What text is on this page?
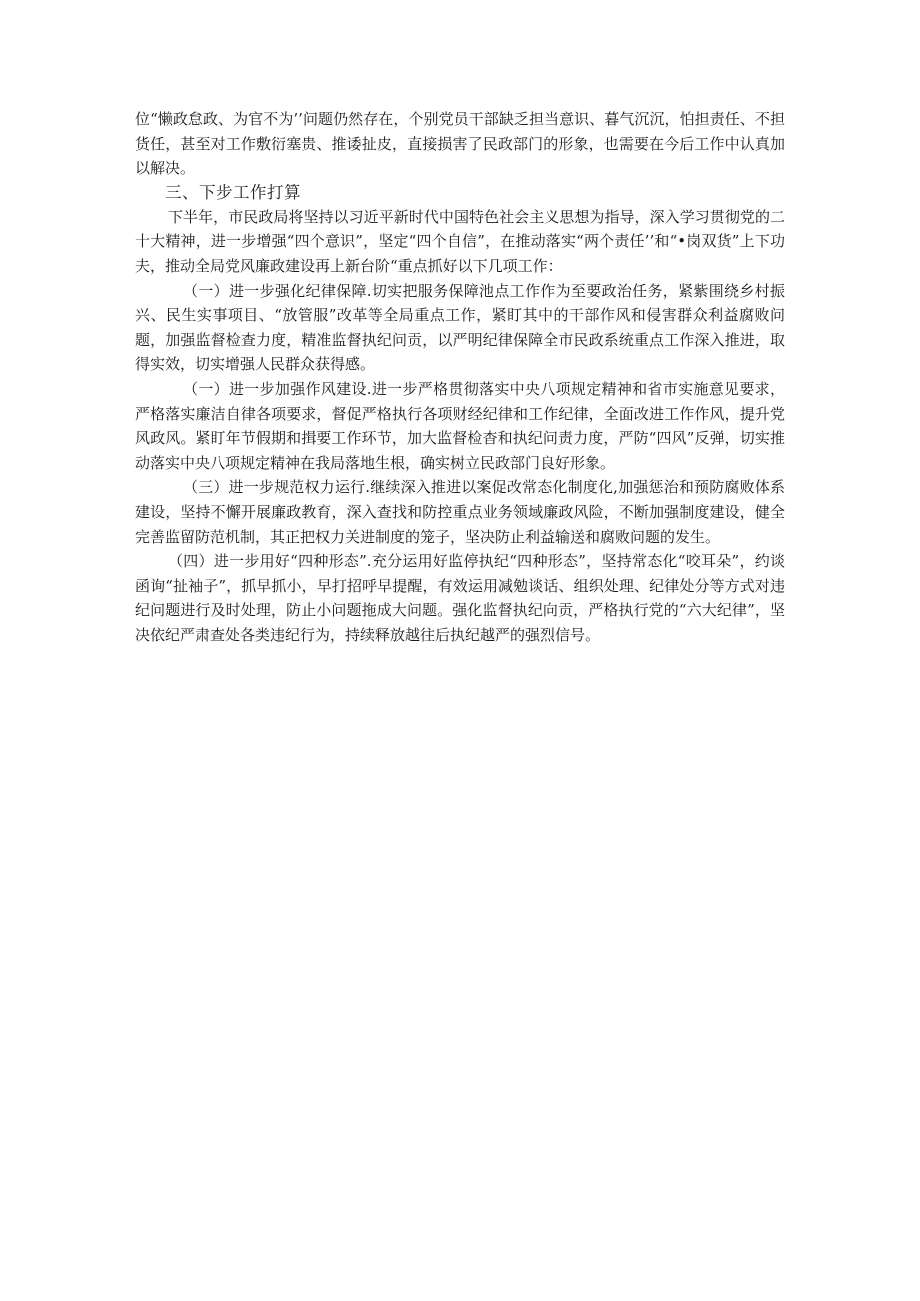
位“懒政怠政、为官不为’’问题仍然存在，个别党员干部缺乏担当意识、暮气沉沉，怕担责任、不担货任，甚至对工作敷衍塞贵、推诿扯皮，直接损害了民政部门的形象，也需要在今后工作中认真加以解决。

三、下步工作打算

下半年，市民政局将坚持以习近平新时代中国特色社会主义思想为指导，深入学习贯彻党的二十大精神，进一步增强“四个意识”，坚定“四个自信”，在推动落实“两个责任’’和“•岗双货”上下功夫，推动全局党风廉政建设再上新台阶“重点抓好以下几项工作：

（一）进一步强化纪律保障.切实把服务保障池点工作作为至要政治任务，紧紫围绕乡村振兴、民生实事项目、“放管服”改革等全局重点工作，紧盯其中的干部作风和侵害群众利益腐败问题，加强监督检查力度，精准监督执纪问贡，以严明纪律保障全市民政系统重点工作深入推进，取得实效，切实增强人民群众获得感。

（一）进一步加强作风建设.进一步严格贯彻落实中央八项规定精神和省市实施意见要求，严格落实廉洁自律各项要求，督促严格执行各项财经纪律和工作纪律，全面改进工作作风，提升党风政风。紧盯年节假期和揖要工作环节，加大监督检杳和执纪问责力度，严防“四风”反弹，切实推动落实中央八项规定精神在我局落地生根，确实树立民政部门良好形象。

（三）进一步规范权力运行.继续深入推进以案促改常态化制度化,加强惩治和预防腐败体系建设，坚持不懈开展廉政教育，深入查找和防控重点业务领域廉政风险，不断加强制度建设，健全完善监留防范机制，其正把权力关进制度的笼子，坚决防止利益输送和腐败问题的发生。

（四）进一步用好“四种形态”.充分运用好监停执纪“四种形态”，坚持常态化“咬耳朵”，约谈函询“扯袖子”，抓早抓小，早打招呼早提醒，有效运用减勉谈话、组织处理、纪律处分等方式对违纪问题进行及时处理，防止小问题拖成大问题。强化监督执纪向贡，严格执行党的“六大纪律”，坚决依纪严肃查处各类违纪行为，持续释放越往后执纪越严的强烈信号。
